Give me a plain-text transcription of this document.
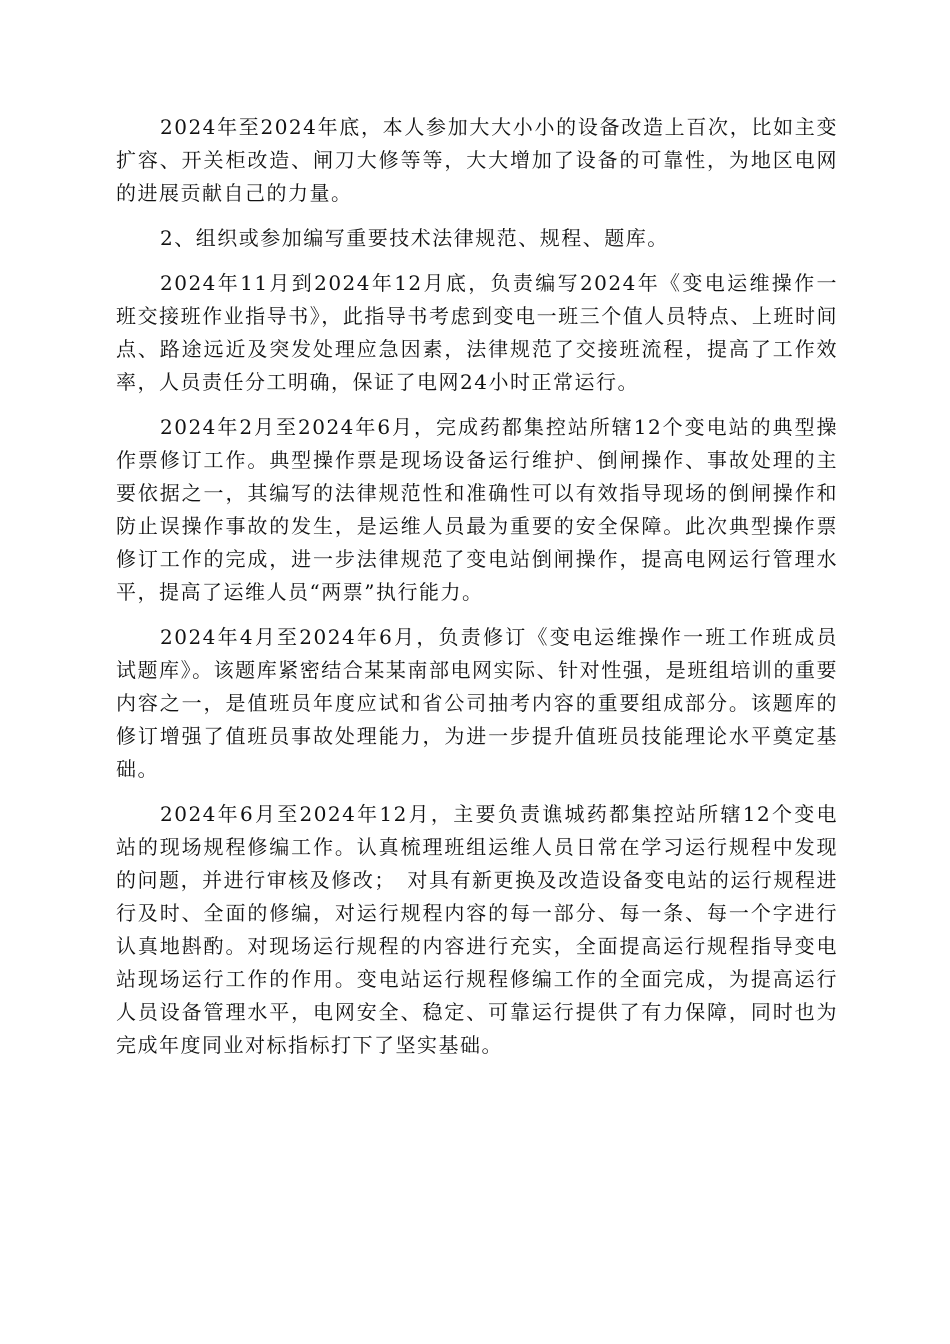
2024年至2024年底，本人参加大大小小的设备改造上百次，比如主变扩容、开关柜改造、闸刀大修等等，大大增加了设备的可靠性，为地区电网的进展贡献自己的力量。

2、组织或参加编写重要技术法律规范、规程、题库。

2024年11月到2024年12月底，负责编写2024年《变电运维操作一班交接班作业指导书》，此指导书考虑到变电一班三个值人员特点、上班时间点、路途远近及突发处理应急因素，法律规范了交接班流程，提高了工作效率，人员责任分工明确，保证了电网24小时正常运行。

2024年2月至2024年6月，完成药都集控站所辖12个变电站的典型操作票修订工作。典型操作票是现场设备运行维护、倒闸操作、事故处理的主要依据之一，其编写的法律规范性和准确性可以有效指导现场的倒闸操作和防止误操作事故的发生，是运维人员最为重要的安全保障。此次典型操作票修订工作的完成，进一步法律规范了变电站倒闸操作，提高电网运行管理水平，提高了运维人员“两票”执行能力。

2024年4月至2024年6月，负责修订《变电运维操作一班工作班成员试题库》。该题库紧密结合某某南部电网实际、针对性强，是班组培训的重要内容之一，是值班员年度应试和省公司抽考内容的重要组成部分。该题库的修订增强了值班员事故处理能力，为进一步提升值班员技能理论水平奠定基础。

2024年6月至2024年12月，主要负责谯城药都集控站所辖12个变电站的现场规程修编工作。认真梳理班组运维人员日常在学习运行规程中发现的问题，并进行审核及修改；　对具有新更换及改造设备变电站的运行规程进行及时、全面的修编，对运行规程内容的每一部分、每一条、每一个字进行认真地斟酌。对现场运行规程的内容进行充实，全面提高运行规程指导变电站现场运行工作的作用。变电站运行规程修编工作的全面完成，为提高运行人员设备管理水平，电网安全、稳定、可靠运行提供了有力保障，同时也为完成年度同业对标指标打下了坚实基础。
